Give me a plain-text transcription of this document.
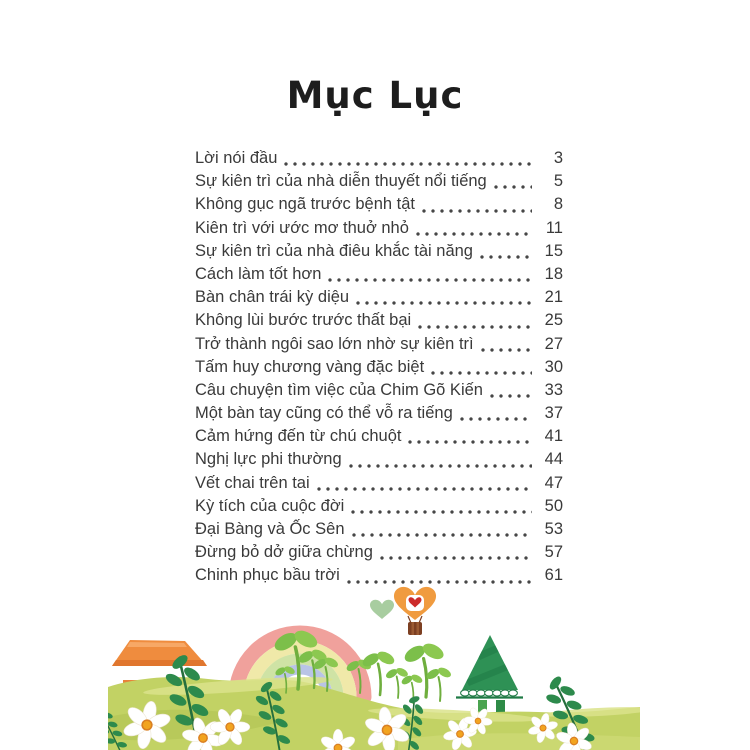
Mục Lục
Lời nói đầu	3
Sự kiên trì của nhà diễn thuyết nổi tiếng	5
Không gục ngã trước bệnh tật	8
Kiên trì với ước mơ thuở nhỏ	11
Sự kiên trì của nhà điêu khắc tài năng	15
Cách làm tốt hơn	18
Bàn chân trái kỳ diệu	21
Không lùi bước trước thất bại	25
Trở thành ngôi sao lớn nhờ sự kiên trì	27
Tấm huy chương vàng đặc biệt	30
Câu chuyện tìm việc của Chim Gõ Kiến	33
Một bàn tay cũng có thể vỗ ra tiếng	37
Cảm hứng đến từ chú chuột	41
Nghị lực phi thường	44
Vết chai trên tai	47
Kỳ tích của cuộc đời	50
Đại Bàng và Ốc Sên	53
Đừng bỏ dở giữa chừng	57
Chinh phục bầu trời	61
